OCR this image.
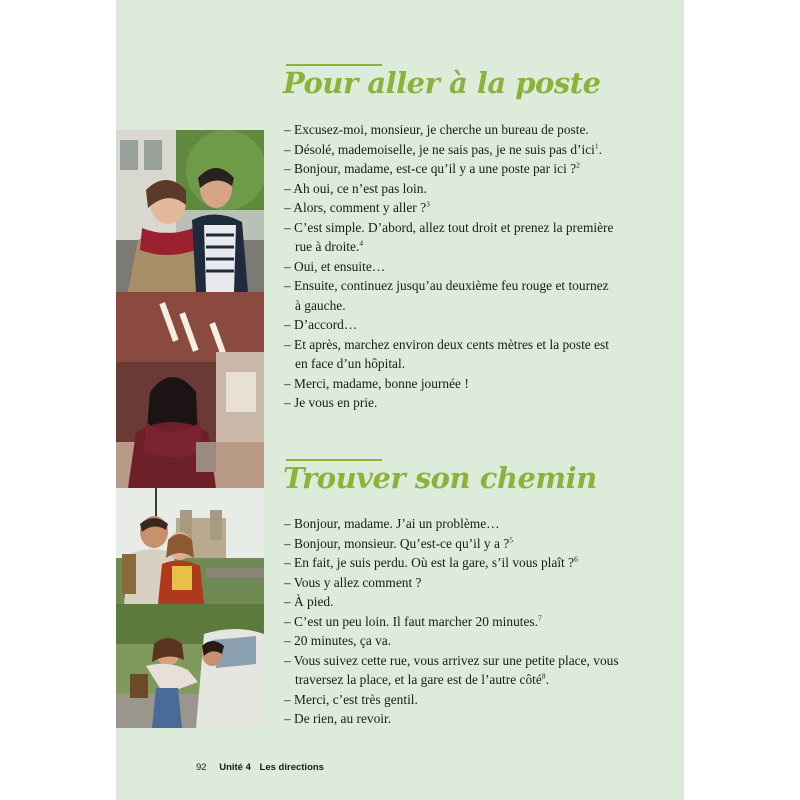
Pour aller à la poste
– Excusez-moi, monsieur, je cherche un bureau de poste.
– Désolé, mademoiselle, je ne sais pas, je ne suis pas d’ici$^1$.
– Bonjour, madame, est-ce qu’il y a une poste par ici ?$^2$
– Ah oui, ce n’est pas loin.
– Alors, comment y aller ?$^3$
– C’est simple. D’abord, allez tout droit et prenez la première
rue à droite.$^4$
– Oui, et ensuite…
– Ensuite, continuez jusqu’au deuxième feu rouge et tournez
à gauche.
– D’accord…
– Et après, marchez environ deux cents mètres et la poste est
en face d’un hôpital.
– Merci, madame, bonne journée !
– Je vous en prie.
Trouver son chemin
– Bonjour, madame. J’ai un problème…
– Bonjour, monsieur. Qu’est-ce qu’il y a ?$^5$
– En fait, je suis perdu. Où est la gare, s’il vous plaît ?$^6$
– Vous y allez comment ?
– À pied.
– C’est un peu loin. Il faut marcher 20 minutes.$^7$
– 20 minutes, ça va.
– Vous suivez cette rue, vous arrivez sur une petite place, vous
traversez la place, et la gare est de l’autre côté$^8$.
– Merci, c’est très gentil.
– De rien, au revoir.
92 Unité 4 Les directions
